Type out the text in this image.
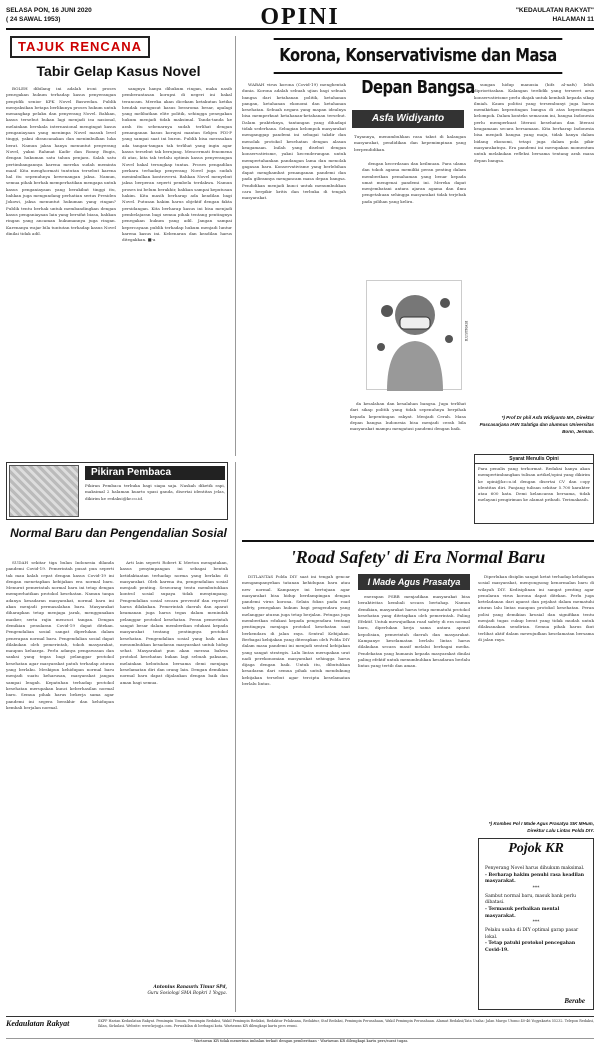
SELASA PON, 16 JUNI 2020
( 24 SAWAL 1953)	OPINI	"KEDAULATAN RAKYAT"
HALAMAN 11
TAJUK RENCANA
Tabir Gelap Kasus Novel

BOLEH dibilang ini adalah ironi proses penegakan hukum terhadap kasus penyerangan penyidik senior KPK Novel Baswedan. Publik menyaksikan betapa berlikunya proses hukum untuk menangkap pelaku dan penyerang Novel. Bahkan, kasus tersebut bukan lagi menjadi isu nasional, melainkan berskala internasional mengingat kasus penganiayaan yang menimpa Novel masuk level tinggi, yakni dirancanakan dan menimbulkan luka berat. Namun jaksa hanya menuntut penyerang Novel, yakni Rahmat Kadir dan Ronny Bugis, dengan hukuman satu tahun penjara. Salah satu pertimbangannya karena mereka sudah meminta maaf. Kita menghormati tuntutan tersebut karena hal itu sepenuhnya kewenangan jaksa. Namun, semua pihak berhak memperhatikan mengapa untuk kasus penganiayaan yang berakibat tinggi itu, bahkan juga mengundang perhatian serius Presiden Jokowi, jaksa menuntut hukuman yang ringan? Publik tentu berhak untuk membandingkan dengan kasus penganiayaan lain yang bersifat biasa, bahkan ringan yang ancaman hukumannya juga ringan. Karenanya wajar bila tuntutan terhadap kasus Novel dinilai tidak adil.

sangnya hanya dihukum ringan, maka nasib pemberantasan korupsi di negeri ini bakal terancam. Mereka akan dicekam ketakutan ketika hendak mengusut kasus beraroma besar, apalagi yang melibatkan elite politik, sehingga penegakan hukum menjadi tidak maksimal. Tanda-tanda ke arah itu sebenarnya sudah terlihat dengan penanganan kasus korupsi mantan Sekjen PDI-P yang sampai saat ini buron. Publik bisa merasakan ada tangan-tangan tak terlihat yang ingin agar kasus tersebut tak berujung. Mencermati fenomena di atas, kita tak terlalu optimis kasus penyerangan Novel bakal terungkap tuntas. Proses pengadilan perkara terhadap penyerang Novel juga sudah menimbulkan kontroversi. Bahkan Novel menyebut jaksa berperan seperti pembela terdakwa. Namun proses ini belum berakhir, bahkan sampai keputusan hakim. Kita masih berharap ada keadilan bagi Novel. Putusan hakim harus objektif dengan fakta persidangan. Kita berharap kasus ini bisa menjadi pembelajaran bagi semua pihak tentang pentingnya penegakan hukum yang adil. Jangan sampai kepercayaan publik terhadap hukum menjadi luntur karena kasus ini. Kebenaran dan keadilan harus ditegakkan. ■-a

Pikiran Pembaca
Pikiran Pembaca terbuka bagi siapa saja. Naskah diketik rapi, maksimal 2 halaman kuarto spasi ganda, disertai identitas jelas, dikirim ke redaksi@kr.co.id.
Normal Baru dan Pengendalian Sosial

SUDAH sekitar tiga bulan Indonesia dilanda pandemi Covid-19. Pemerintah pusat pun seperti tak mau kalah cepat dengan kasus Covid-19 ini dengan menetapkan kebijakan era normal baru. Menurut pemerintah normal baru ini tetap dengan memperhatikan protokol kesehatan. Namun tanpa adanya kesadaran masyarakat, normal baru ini akan menjadi permasalahan baru. Masyarakat diharapkan tetap menjaga jarak, menggunakan masker, serta rajin mencuci tangan. Dengan demikian penularan Covid-19 dapat ditekan. Pengendalian sosial sangat diperlukan dalam penerapan normal baru. Pengendalian sosial dapat dilakukan oleh pemerintah, tokoh masyarakat, maupun keluarga. Perlu adanya pengawasan dan sanksi yang tegas bagi pelanggar protokol kesehatan agar masyarakat patuh terhadap aturan yang berlaku. Meskipun kehidupan normal baru menjadi suatu keharusan, masyarakat jangan sampai lengah. Kepatuhan terhadap protokol kesehatan merupakan kunci keberhasilan normal baru. Semua pihak harus bekerja sama agar pandemi ini segera berakhir dan kehidupan kembali berjalan normal.

Arti lain seperti Robert K Merton mengatakan, kasus penyimpangan ini sebagai bentuk ketidaktaatan terhadap norma yang berlaku di masyarakat. Oleh karena itu, pengendalian sosial menjadi penting. Seseorang tentu membutuhkan kontrol sosial supaya tidak menyimpang. Pengendalian sosial secara preventif dan represif harus dilakukan. Pemerintah daerah dan aparat keamanan juga harus tegas dalam menindak pelanggar protokol kesehatan. Peran pemerintah sangat besar dalam memberikan edukasi kepada masyarakat tentang pentingnya protokol kesehatan. Pengendalian sosial yang baik akan menumbuhkan kesadaran masyarakat untuk hidup sehat. Masyarakat pun akan merasa bahwa protokol kesehatan bukan lagi sebuah paksaan, melainkan kebutuhan bersama demi menjaga keselamatan diri dan orang lain. Dengan demikian normal baru dapat dijalankan dengan baik dan aman bagi semua.

Antonius Ranaurix Timur SPd,
Guru Sosiologi SMA Bopkri 1 Yogya.
Korona, Konservativisme dan Masa Depan Bangsa

WABAH virus korona (Covid-19) menghentak dunia. Korona adalah sebuah ujian bagi sebuah bangsa dari ketahanan politik, ketahanan pangan, ketahanan ekonomi dan ketahanan kesehatan. Sebuah negara yang mapan idealnya bisa memperkuat ketahanan-ketahanan tersebut. Dalam prakteknya, tantangan yang dihadapi tidak sederhana. Sebagian kelompok masyarakat menganggap pandemi ini sebagai takdir dan menolak protokol kesehatan dengan alasan keagamaan. Inilah yang disebut dengan konservativisme, yakni kecenderungan untuk mempertahankan pandangan lama dan menolak gagasan baru. Konservativisme yang berlebihan dapat menghambat penanganan pandemi dan pada gilirannya mengancam masa depan bangsa. Pendidikan menjadi kunci untuk menumbuhkan cara berpikir kritis dan terbuka di tengah masyarakat.

Asfa Widiyanto
Tuyannya, menumbuhkan rasa takut di kalangan masyarakat, pendidikan dan kepemimpinan yang berpendidikan.

dengan kecerdasan dan keilmuan. Para ulama dan tokoh agama memiliki peran penting dalam memberikan pemahaman yang benar kepada umat mengenai pandemi ini. Mereka dapat menjembatani antara ajaran agama dan ilmu pengetahuan sehingga masyarakat tidak terjebak pada pilihan yang keliru.

ILUSTRASI

da kesalahan dan kesalahan bangsa. Juga terlihat dari sikap politik yang tidak sepenuhnya berpihak kepada kepentingan rakyat. Menjadi Cerah. Masa depan bangsa Indonesia bisa menjadi cerah bila masyarakat mampu mengatasi pandemi dengan baik.

sungan hidup manusia (hifz al-nafs) lebih diprioritaskan. Kalangan terdidik yang terseret arus konservativisme perlu diajak untuk kembali kepada sikap ilmiah. Kaum politisi yang tersembunyi juga harus memikirkan kepentingan bangsa di atas kepentingan kelompok. Dalam konteks semacam ini, bangsa Indonesia perlu memperkuat literasi kesehatan dan literasi keagamaan secara bersamaan. Kita berharap Indonesia bisa menjadi bangsa yang maju, tidak hanya dalam bidang ekonomi, tetapi juga dalam pola pikir masyarakatnya. Era pandemi ini merupakan momentum untuk melakukan refleksi bersama tentang arah masa depan bangsa.

*) Prof Dr phil Asfa Widiyanto MA, Direktur Pascasarjana IAIN Salatiga dan alumnus Universitas Bonn, Jerman.
Syarat Menulis Opini
Para penulis yang terhormat. Redaksi hanya akan mempertimbangkan tulisan artikel/opini yang dikirim ke opini@kr.co.id dengan disertai CV dan copy identitas diri. Panjang tulisan sekitar 5.700 karakter atau 600 kata. Demi kelancaran bersama, tidak melayani pengiriman ke alamat pribadi. Terimakasih.
'Road Safety' di Era Normal Baru

DITLANTAS Polda DIY saat ini tengah gencar mengampanyekan tatanan kehidupan baru atau new normal. Kampanye ini bertujuan agar masyarakat bisa hidup berdampingan dengan pandemi virus korona. Selain fokus pada road safety, penegakan hukum bagi pengendara yang melanggar aturan juga tetap berjalan. Petugas juga memberikan edukasi kepada pengendara tentang pentingnya menjaga protokol kesehatan saat berkendara di jalan raya. Sentral Kebijakan. Berbagai kebijakan yang diterapkan oleh Polda DIY dalam masa pandemi ini menjadi sentral kebijakan yang sangat strategis. Lalu lintas merupakan urat nadi perekonomian masyarakat sehingga harus dijaga dengan baik. Untuk itu, dibutuhkan kesadaran dari semua pihak untuk mendukung kebijakan tersebut agar tercipta keselamatan berlalu lintas.

I Made Agus Prasatya

enerapan PSBB menjadikan masyarakat bisa beraktivitas kembali secara bertahap. Namun demikian, masyarakat harus tetap mematuhi protokol kesehatan yang ditetapkan oleh pemerintah. Paling Efektif. Untuk mewujudkan road safety di era normal baru, diperlukan kerja sama antara aparat kepolisian, pemerintah daerah dan masyarakat. Kampanye keselamatan berlalu lintas harus dilakukan secara masif melalui berbagai media. Pendekatan yang humanis kepada masyarakat dinilai paling efektif untuk menumbuhkan kesadaran berlalu lintas yang tertib dan aman.

Diperlukan disiplin sangat ketat terhadap kehidupan sosial masyarakat, menyongsong kenormalan baru di wilayah DIY. Kedisiplinan ini sangat penting agar penularan virus korona dapat ditekan. Perlu juga keteladanan dari aparat dan pejabat dalam mematuhi aturan lalu lintas maupun protokol kesehatan. Peran polisi yang demikian krusial dan signifikan tentu menjadi tugas cukup berat yang tidak mudah untuk dilaksanakan sendirian. Semua pihak harus ikut terlibat aktif dalam mewujudkan keselamatan bersama di jalan raya.

*) Kombes Pol I Made Agus Prasatya SIK MHum, Direktur Lalu Lintas Polda DIY.
Pojok KR
Penyerang Novel harus dihukum maksimal.
- Berharap hakim penuhi rasa keadilan masyarakat.
***
Sambut normal baru, masuk bank perlu dibatasi.
- Termasuk perbaikan mental masyarakat.
***
Pelaku usaha di DIY optimal garap pasar lokal.
- Tetap patuhi protokol pencegahan Covid-19.
Berabe
Kedaulatan Rakyat	SKPP Harian Kedaulatan Rakyat. Pemimpin Umum, Pemimpin Redaksi, Wakil Pemimpin Redaksi, Redaktur Pelaksana, Redaktur, Staf Redaksi, Pemimpin Perusahaan, Wakil Pemimpin Perusahaan. Alamat Redaksi/Tata Usaha: Jalan Margo Utomo 40-46 Yogyakarta 55232. Telepon Redaksi, Iklan, Sirkulasi. Website: www.krjogja.com. Perwakilan di berbagai kota. Wartawan KR dilengkapi kartu pers resmi.
- Wartawan KR tidak menerima imbalan terkait dengan pemberitaan - Wartawan KR dilengkapi kartu pers/surat tugas.
